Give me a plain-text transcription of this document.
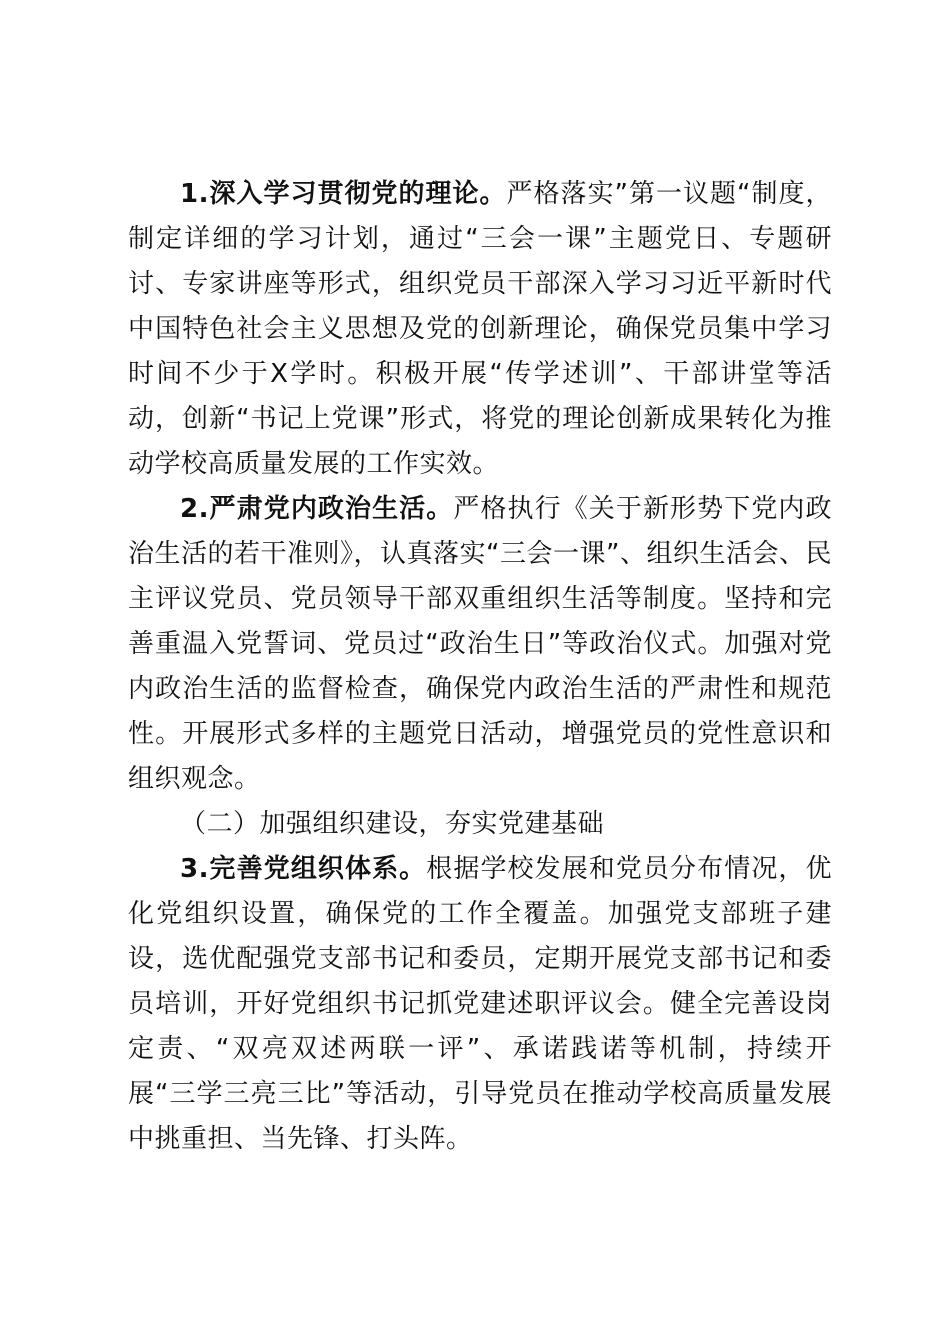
1.深入学习贯彻党的理论。严格落实”第一议题“制度，制定详细的学习计划，通过“三会一课”主题党日、专题研讨、专家讲座等形式，组织党员干部深入学习习近平新时代中国特色社会主义思想及党的创新理论，确保党员集中学习时间不少于X学时。积极开展“传学述训”、干部讲堂等活动，创新“书记上党课”形式，将党的理论创新成果转化为推动学校高质量发展的工作实效。

2.严肃党内政治生活。严格执行《关于新形势下党内政治生活的若干准则》，认真落实“三会一课”、组织生活会、民主评议党员、党员领导干部双重组织生活等制度。坚持和完善重温入党誓词、党员过“政治生日”等政治仪式。加强对党内政治生活的监督检查，确保党内政治生活的严肃性和规范性。开展形式多样的主题党日活动，增强党员的党性意识和组织观念。

（二）加强组织建设，夯实党建基础

3.完善党组织体系。根据学校发展和党员分布情况，优化党组织设置，确保党的工作全覆盖。加强党支部班子建设，选优配强党支部书记和委员，定期开展党支部书记和委员培训，开好党组织书记抓党建述职评议会。健全完善设岗定责、“双亮双述两联一评”、承诺践诺等机制，持续开展“三学三亮三比”等活动，引导党员在推动学校高质量发展中挑重担、当先锋、打头阵。
